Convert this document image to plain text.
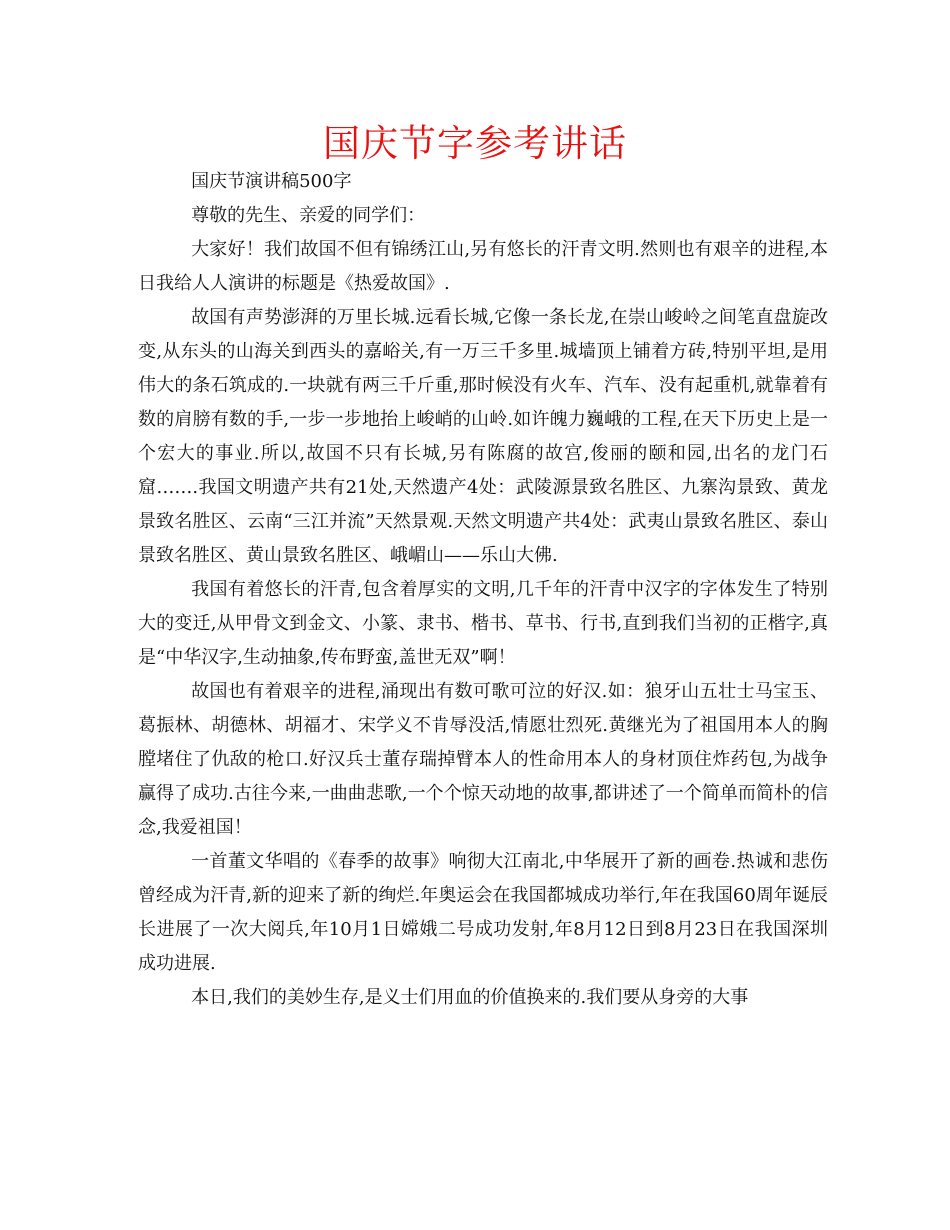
国庆节字参考讲话

国庆节演讲稿500字

尊敬的先生、亲爱的同学们：

大家好！我们故国不但有锦绣江山,另有悠长的汗青文明.然则也有艰辛的进程,本日我给人人演讲的标题是《热爱故国》.

故国有声势澎湃的万里长城.远看长城,它像一条长龙,在崇山峻岭之间笔直盘旋改变,从东头的山海关到西头的嘉峪关,有一万三千多里.城墙顶上铺着方砖,特别平坦,是用伟大的条石筑成的.一块就有两三千斤重,那时候没有火车、汽车、没有起重机,就靠着有数的肩膀有数的手,一步一步地抬上峻峭的山岭.如许魄力巍峨的工程,在天下历史上是一个宏大的事业.所以,故国不只有长城,另有陈腐的故宫,俊丽的颐和园,出名的龙门石窟…….我国文明遗产共有21处,天然遗产4处：武陵源景致名胜区、九寨沟景致、黄龙景致名胜区、云南“三江并流”天然景观.天然文明遗产共4处：武夷山景致名胜区、泰山景致名胜区、黄山景致名胜区、峨嵋山——乐山大佛.

我国有着悠长的汗青,包含着厚实的文明,几千年的汗青中汉字的字体发生了特别大的变迁,从甲骨文到金文、小篆、隶书、楷书、草书、行书,直到我们当初的正楷字,真是“中华汉字,生动抽象,传布野蛮,盖世无双”啊！

故国也有着艰辛的进程,涌现出有数可歌可泣的好汉.如：狼牙山五壮士马宝玉、葛振林、胡德林、胡福才、宋学义不肯辱没活,情愿壮烈死.黄继光为了祖国用本人的胸膛堵住了仇敌的枪口.好汉兵士董存瑞掉臂本人的性命用本人的身材顶住炸药包,为战争赢得了成功.古往今来,一曲曲悲歌,一个个惊天动地的故事,都讲述了一个简单而简朴的信念,我爱祖国！

一首董文华唱的《春季的故事》响彻大江南北,中华展开了新的画卷.热诚和悲伤曾经成为汗青,新的迎来了新的绚烂.年奥运会在我国都城成功举行,年在我国60周年诞辰长进展了一次大阅兵,年10月1日嫦娥二号成功发射,年8月12日到8月23日在我国深圳成功进展.

本日,我们的美妙生存,是义士们用血的价值换来的.我们要从身旁的大事
